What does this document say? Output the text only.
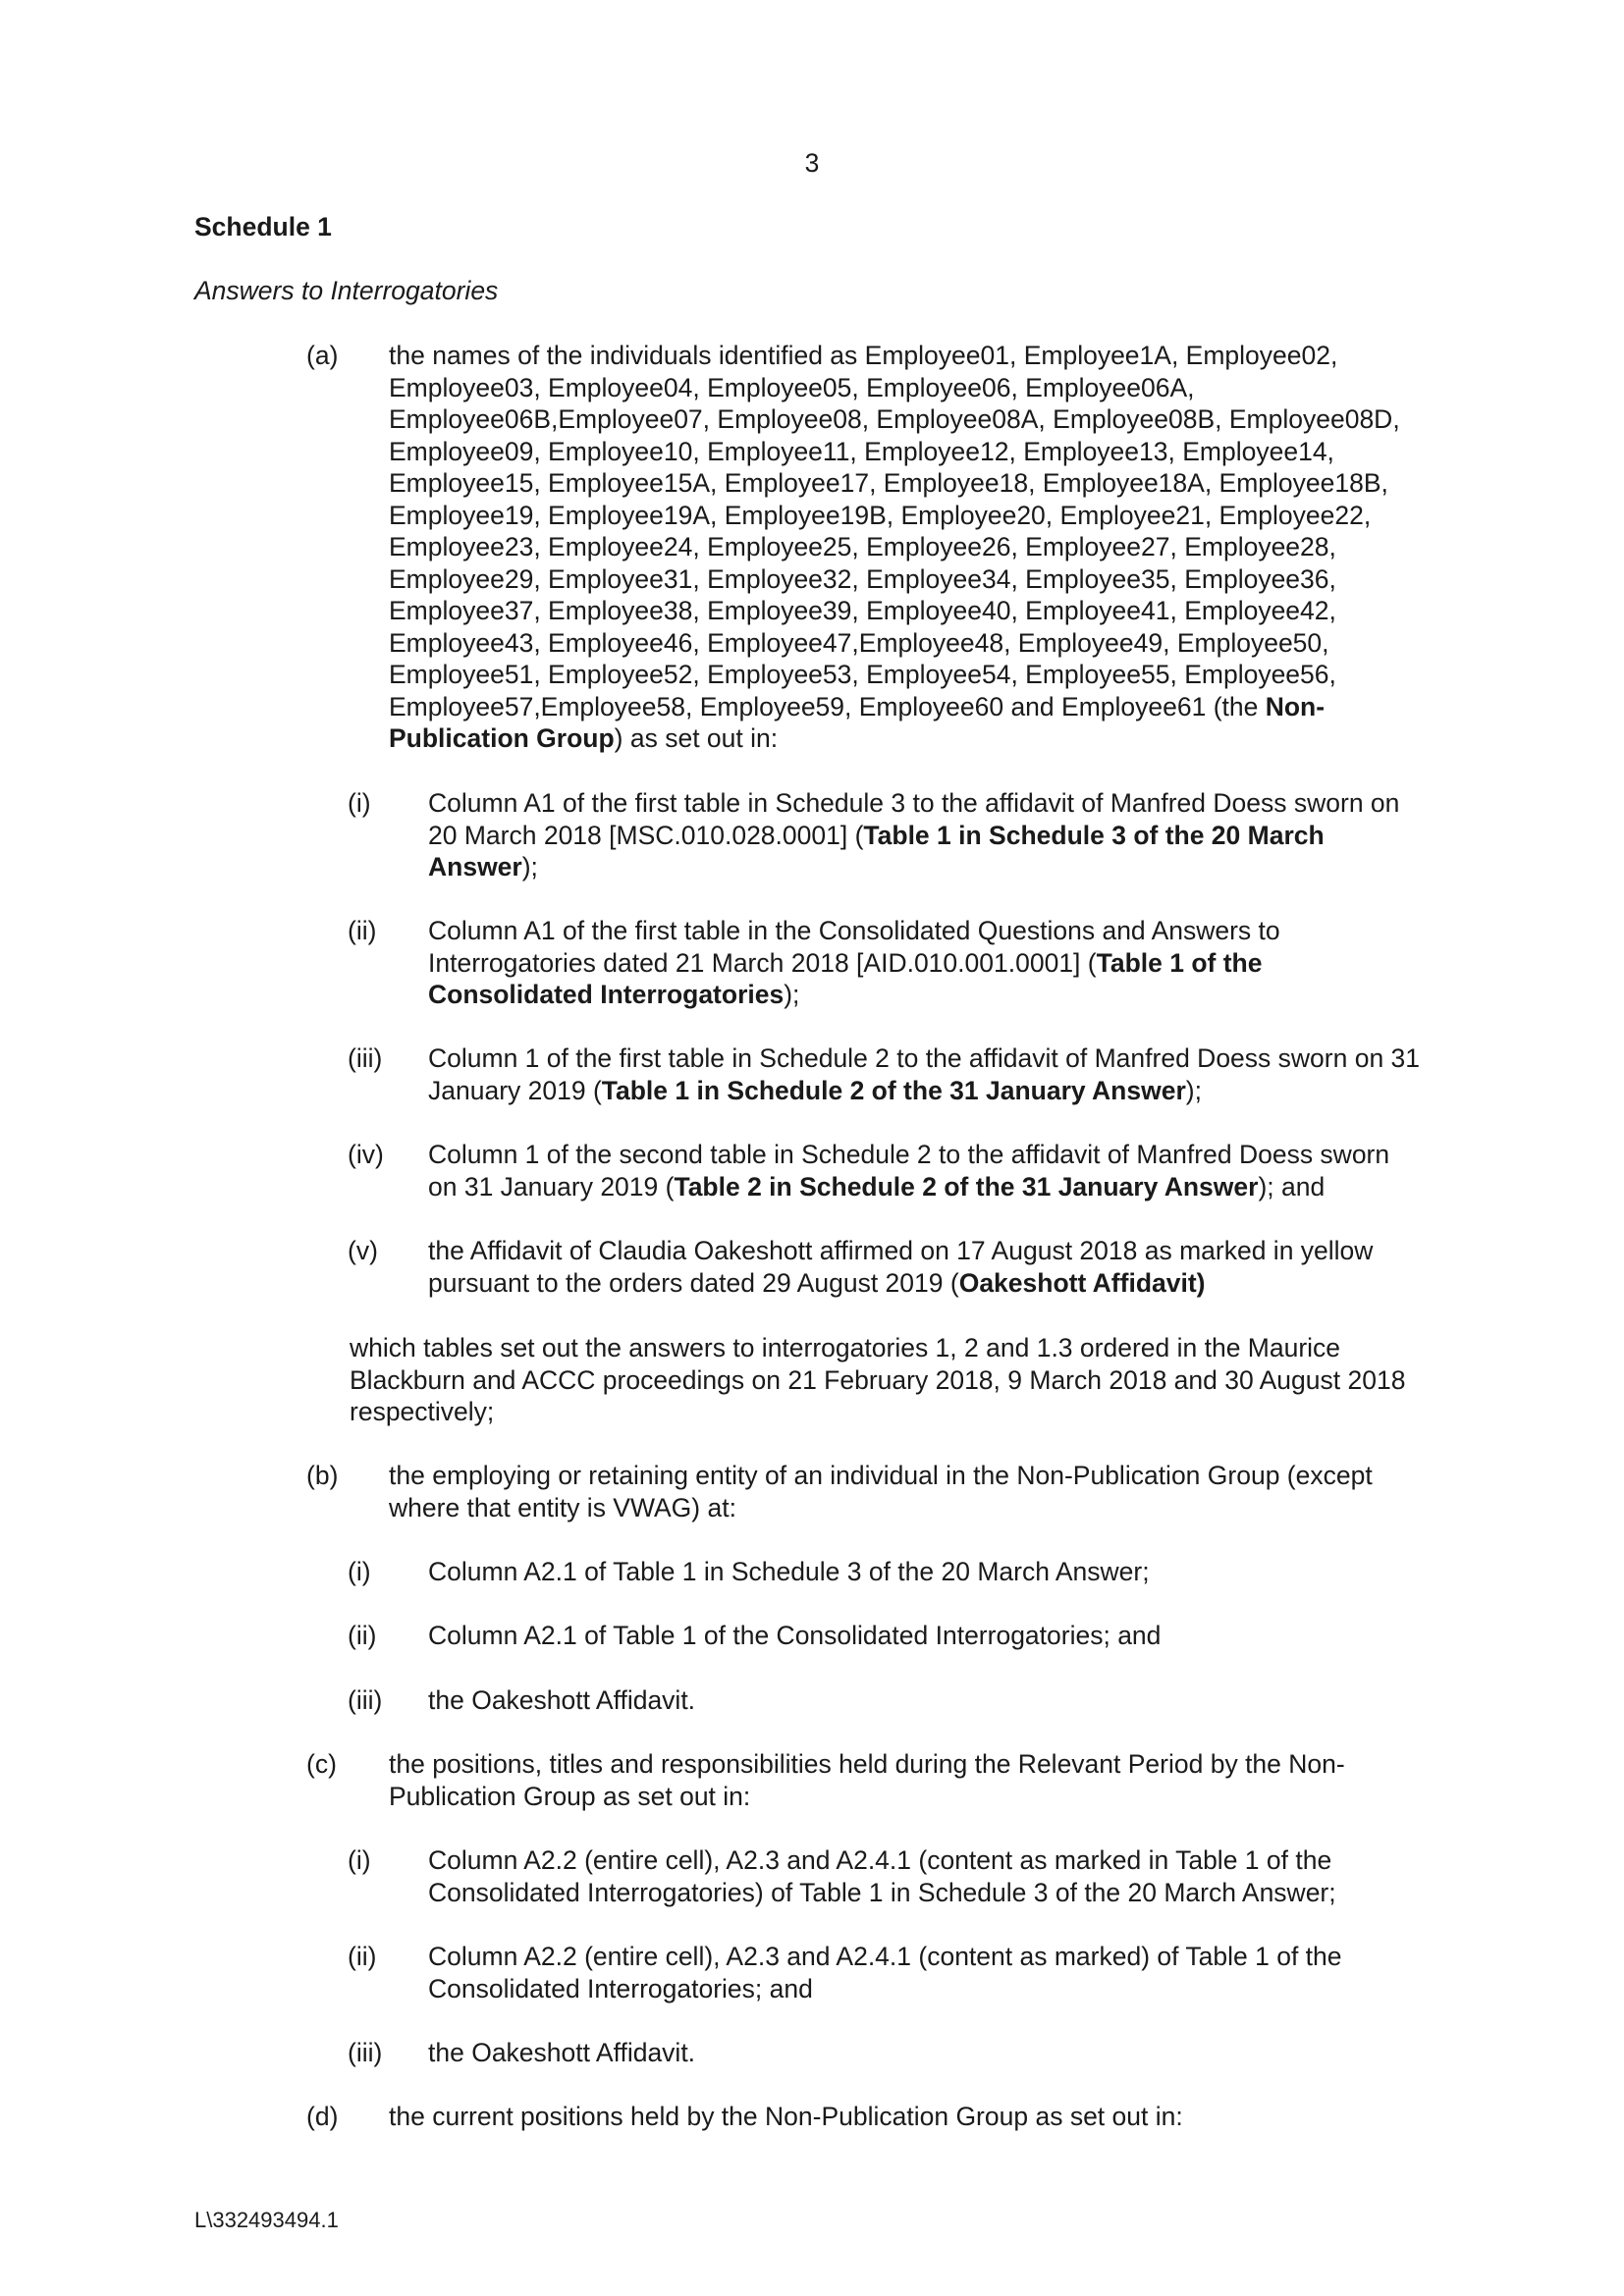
3
Schedule 1
Answers to Interrogatories
(a) the names of the individuals identified as Employee01, Employee1A, Employee02,
Employee03, Employee04, Employee05, Employee06, Employee06A,
Employee06B,Employee07, Employee08, Employee08A, Employee08B, Employee08D,
Employee09, Employee10, Employee11, Employee12, Employee13, Employee14,
Employee15, Employee15A, Employee17, Employee18, Employee18A, Employee18B,
Employee19, Employee19A, Employee19B, Employee20, Employee21, Employee22,
Employee23, Employee24, Employee25, Employee26, Employee27, Employee28,
Employee29, Employee31, Employee32, Employee34, Employee35, Employee36,
Employee37, Employee38, Employee39, Employee40, Employee41, Employee42,
Employee43, Employee46, Employee47,Employee48, Employee49, Employee50,
Employee51, Employee52, Employee53, Employee54, Employee55, Employee56,
Employee57,Employee58, Employee59, Employee60 and Employee61 (the Non-
Publication Group) as set out in:
(i) Column A1 of the first table in Schedule 3 to the affidavit of Manfred Doess sworn on
20 March 2018 [MSC.010.028.0001] (Table 1 in Schedule 3 of the 20 March
Answer);
(ii) Column A1 of the first table in the Consolidated Questions and Answers to
Interrogatories dated 21 March 2018 [AID.010.001.0001] (Table 1 of the
Consolidated Interrogatories);
(iii) Column 1 of the first table in Schedule 2 to the affidavit of Manfred Doess sworn on 31
January 2019 (Table 1 in Schedule 2 of the 31 January Answer);
(iv) Column 1 of the second table in Schedule 2 to the affidavit of Manfred Doess sworn
on 31 January 2019 (Table 2 in Schedule 2 of the 31 January Answer); and
(v) the Affidavit of Claudia Oakeshott affirmed on 17 August 2018 as marked in yellow
pursuant to the orders dated 29 August 2019 (Oakeshott Affidavit)
which tables set out the answers to interrogatories 1, 2 and 1.3 ordered in the Maurice
Blackburn and ACCC proceedings on 21 February 2018, 9 March 2018 and 30 August 2018
respectively;
(b) the employing or retaining entity of an individual in the Non-Publication Group (except
where that entity is VWAG) at:
(i) Column A2.1 of Table 1 in Schedule 3 of the 20 March Answer;
(ii) Column A2.1 of Table 1 of the Consolidated Interrogatories; and
(iii) the Oakeshott Affidavit.
(c) the positions, titles and responsibilities held during the Relevant Period by the Non-
Publication Group as set out in:
(i) Column A2.2 (entire cell), A2.3 and A2.4.1 (content as marked in Table 1 of the
Consolidated Interrogatories) of Table 1 in Schedule 3 of the 20 March Answer;
(ii) Column A2.2 (entire cell), A2.3 and A2.4.1 (content as marked) of Table 1 of the
Consolidated Interrogatories; and
(iii) the Oakeshott Affidavit.
(d) the current positions held by the Non-Publication Group as set out in:
L\332493494.1
